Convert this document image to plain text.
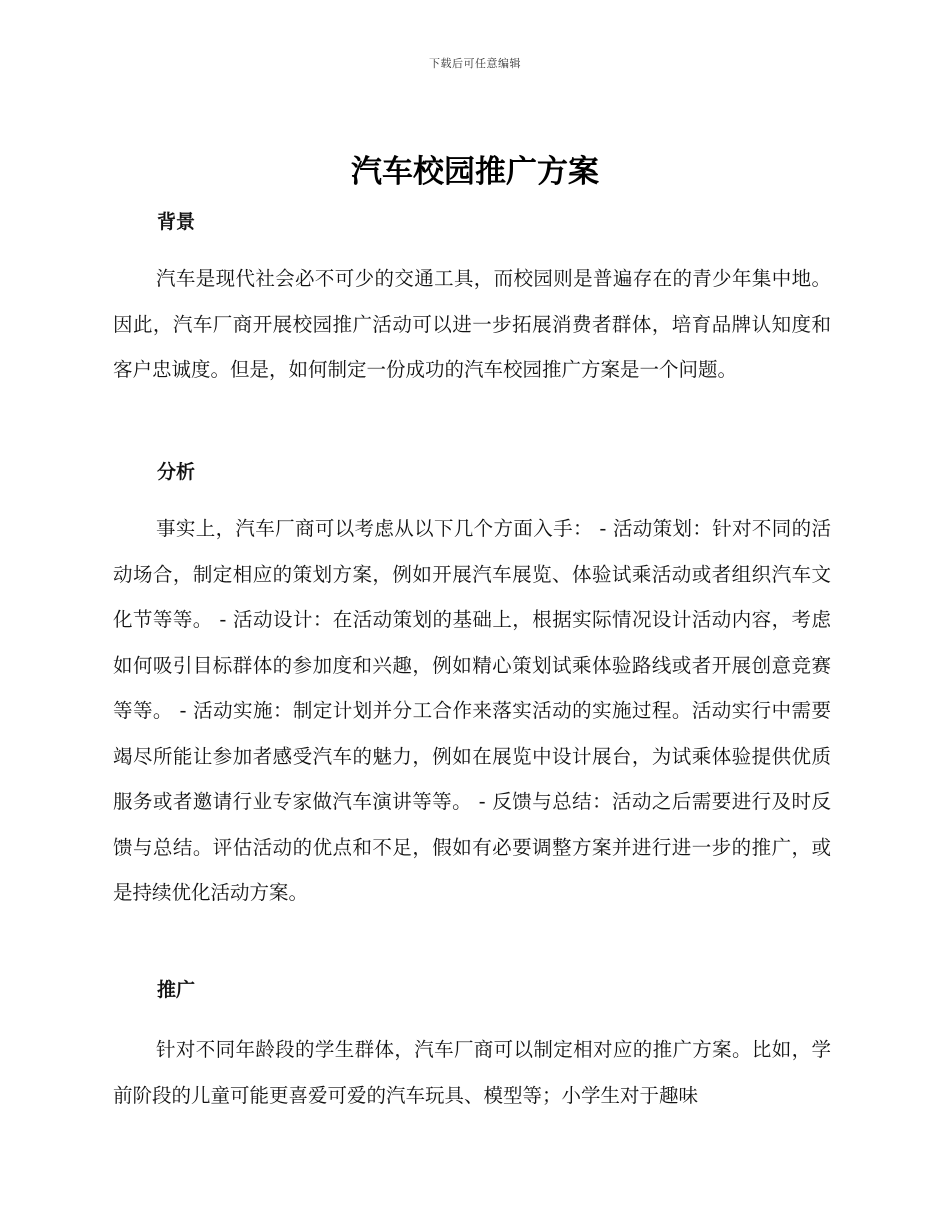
下载后可任意编辑
汽车校园推广方案
背景

汽车是现代社会必不可少的交通工具，而校园则是普遍存在的青少年集中地。因此，汽车厂商开展校园推广活动可以进一步拓展消费者群体，培育品牌认知度和客户忠诚度。但是，如何制定一份成功的汽车校园推广方案是一个问题。

分析

事实上，汽车厂商可以考虑从以下几个方面入手： - 活动策划：针对不同的活动场合，制定相应的策划方案，例如开展汽车展览、体验试乘活动或者组织汽车文化节等等。 - 活动设计：在活动策划的基础上，根据实际情况设计活动内容，考虑如何吸引目标群体的参加度和兴趣，例如精心策划试乘体验路线或者开展创意竞赛等等。 - 活动实施：制定计划并分工合作来落实活动的实施过程。活动实行中需要竭尽所能让参加者感受汽车的魅力，例如在展览中设计展台，为试乘体验提供优质服务或者邀请行业专家做汽车演讲等等。 - 反馈与总结：活动之后需要进行及时反馈与总结。评估活动的优点和不足，假如有必要调整方案并进行进一步的推广，或是持续优化活动方案。

推广

针对不同年龄段的学生群体，汽车厂商可以制定相对应的推广方案。比如，学前阶段的儿童可能更喜爱可爱的汽车玩具、模型等；小学生对于趣味
